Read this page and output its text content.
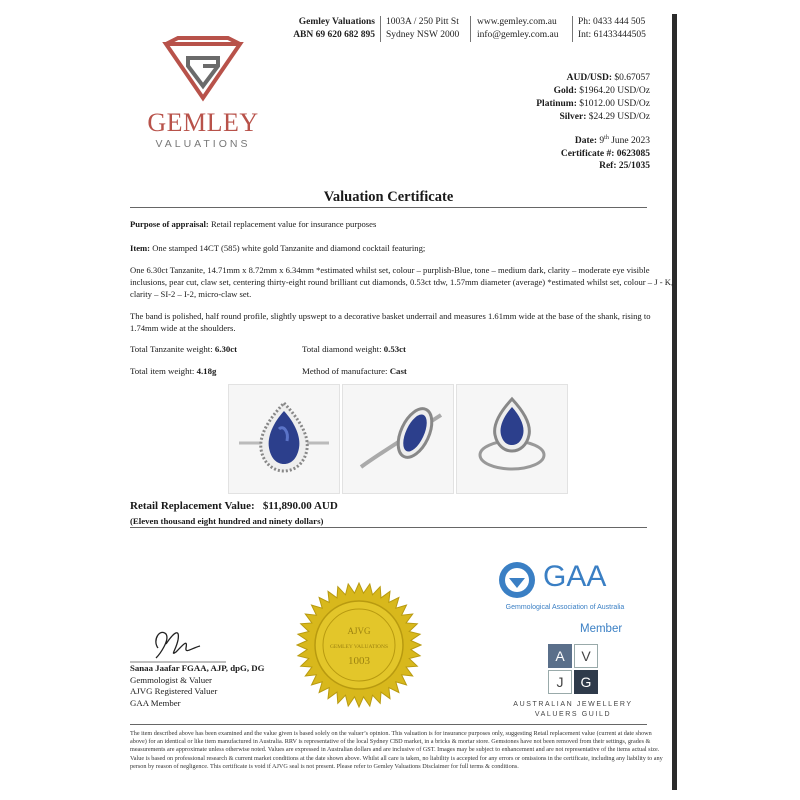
GEMLEY
VALUATIONS
Gemley Valuations
ABN 69 620 682 895
1003A / 250 Pitt St
Sydney NSW 2000
www.gemley.com.au
info@gemley.com.au
Ph: 0433 444 505
Int: 61433444505
AUD/USD: $0.67057
Gold: $1964.20 USD/Oz
Platinum: $1012.00 USD/Oz
Silver: $24.29 USD/Oz
Date: 9th June 2023
Certificate #: 0623085
Ref: 25/1035
Valuation Certificate
Purpose of appraisal: Retail replacement value for insurance purposes
Item: One stamped 14CT (585) white gold Tanzanite and diamond cocktail featuring;
One 6.30ct Tanzanite, 14.71mm x 8.72mm x 6.34mm *estimated whilst set, colour – purplish-Blue, tone – medium dark, clarity – moderate eye visible inclusions, pear cut, claw set, centering thirty-eight round brilliant cut diamonds, 0.53ct tdw, 1.57mm diameter (average) *estimated whilst set, colour – J - K, clarity – SI-2 – I-2, micro-claw set.
The band is polished, half round profile, slightly upswept to a decorative basket underrail and measures 1.61mm wide at the base of the shank, rising to 1.74mm wide at the shoulders.
Total Tanzanite weight: 6.30ct	Total diamond weight: 0.53ct
Total item weight: 4.18g	Method of manufacture: Cast
Retail Replacement Value: $11,890.00 AUD
(Eleven thousand eight hundred and ninety dollars)
AJVG
GEMLEY VALUATIONS
1003
Sanaa Jaafar FGAA, AJP, dpG, DG
Gemmologist & Valuer
AJVG Registered Valuer
GAA Member
GAA
Gemmological Association of Australia
Member
A	V
J	G
AUSTRALIAN JEWELLERY
VALUERS GUILD
The item described above has been examined and the value given is based solely on the valuer’s opinion. This valuation is for insurance purposes only, suggesting Retail replacement value (current at date shown above) for an identical or like item manufactured in Australia. RRV is representative of the local Sydney CBD market, in a bricks & mortar store. Gemstones have not been removed from their settings, grades & measurements are approximate unless otherwise noted. Values are expressed in Australian dollars and are inclusive of GST. Images may be subject to enhancement and are not representative of the items actual size. Value is based on professional research & current market conditions at the date shown above. Whilst all care is taken, no liability is accepted for any errors or omissions in the certificate, including any liability to any person by reason of negligence. This certificate is void if AJVG seal is not present. Please refer to Gemley Valuations Disclaimer for full terms & conditions.
